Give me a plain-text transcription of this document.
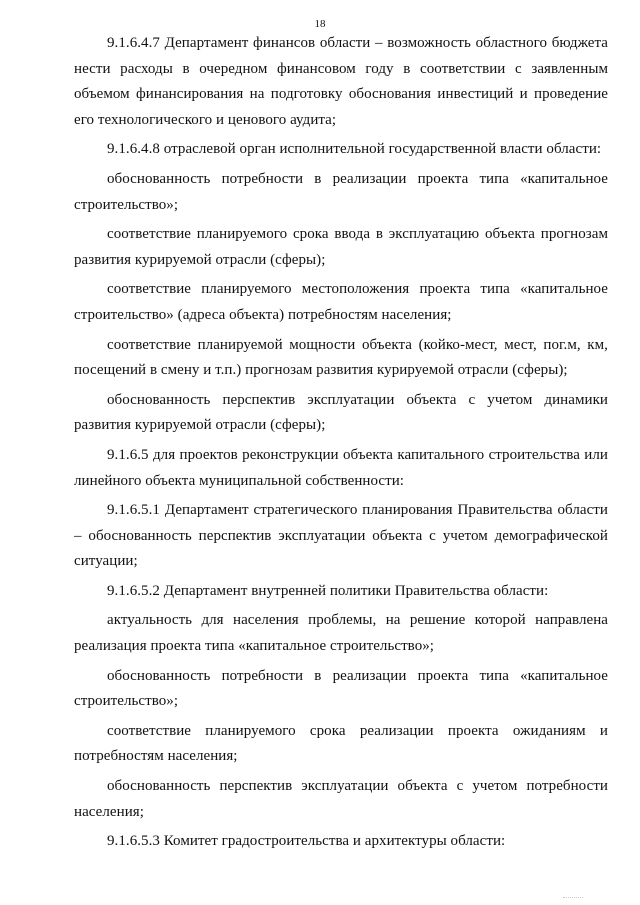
18

9.1.6.4.7 Департамент финансов области – возможность областного бюджета нести расходы в очередном финансовом году в соответствии с заявленным объемом финансирования на подготовку обоснования инвестиций и проведение его технологического и ценового аудита;

9.1.6.4.8 отраслевой орган исполнительной государственной власти области:

обоснованность потребности в реализации проекта типа «капитальное строительство»;

соответствие планируемого срока ввода в эксплуатацию объекта прогнозам развития курируемой отрасли (сферы);

соответствие планируемого местоположения проекта типа «капитальное строительство» (адреса объекта) потребностям населения;

соответствие планируемой мощности объекта (койко-мест, мест, пог.м, км, посещений в смену и т.п.) прогнозам развития курируемой отрасли (сферы);

обоснованность перспектив эксплуатации объекта с учетом динамики развития курируемой отрасли (сферы);

9.1.6.5 для проектов реконструкции объекта капитального строительства или линейного объекта муниципальной собственности:

9.1.6.5.1 Департамент стратегического планирования Правительства области – обоснованность перспектив эксплуатации объекта с учетом демографической ситуации;

9.1.6.5.2 Департамент внутренней политики Правительства области:

актуальность для населения проблемы, на решение которой направлена реализация проекта типа «капитальное строительство»;

обоснованность потребности в реализации проекта типа «капитальное строительство»;

соответствие планируемого срока реализации проекта ожиданиям и потребностям населения;

обоснованность перспектив эксплуатации объекта с учетом потребности населения;

9.1.6.5.3 Комитет градостроительства и архитектуры области:
